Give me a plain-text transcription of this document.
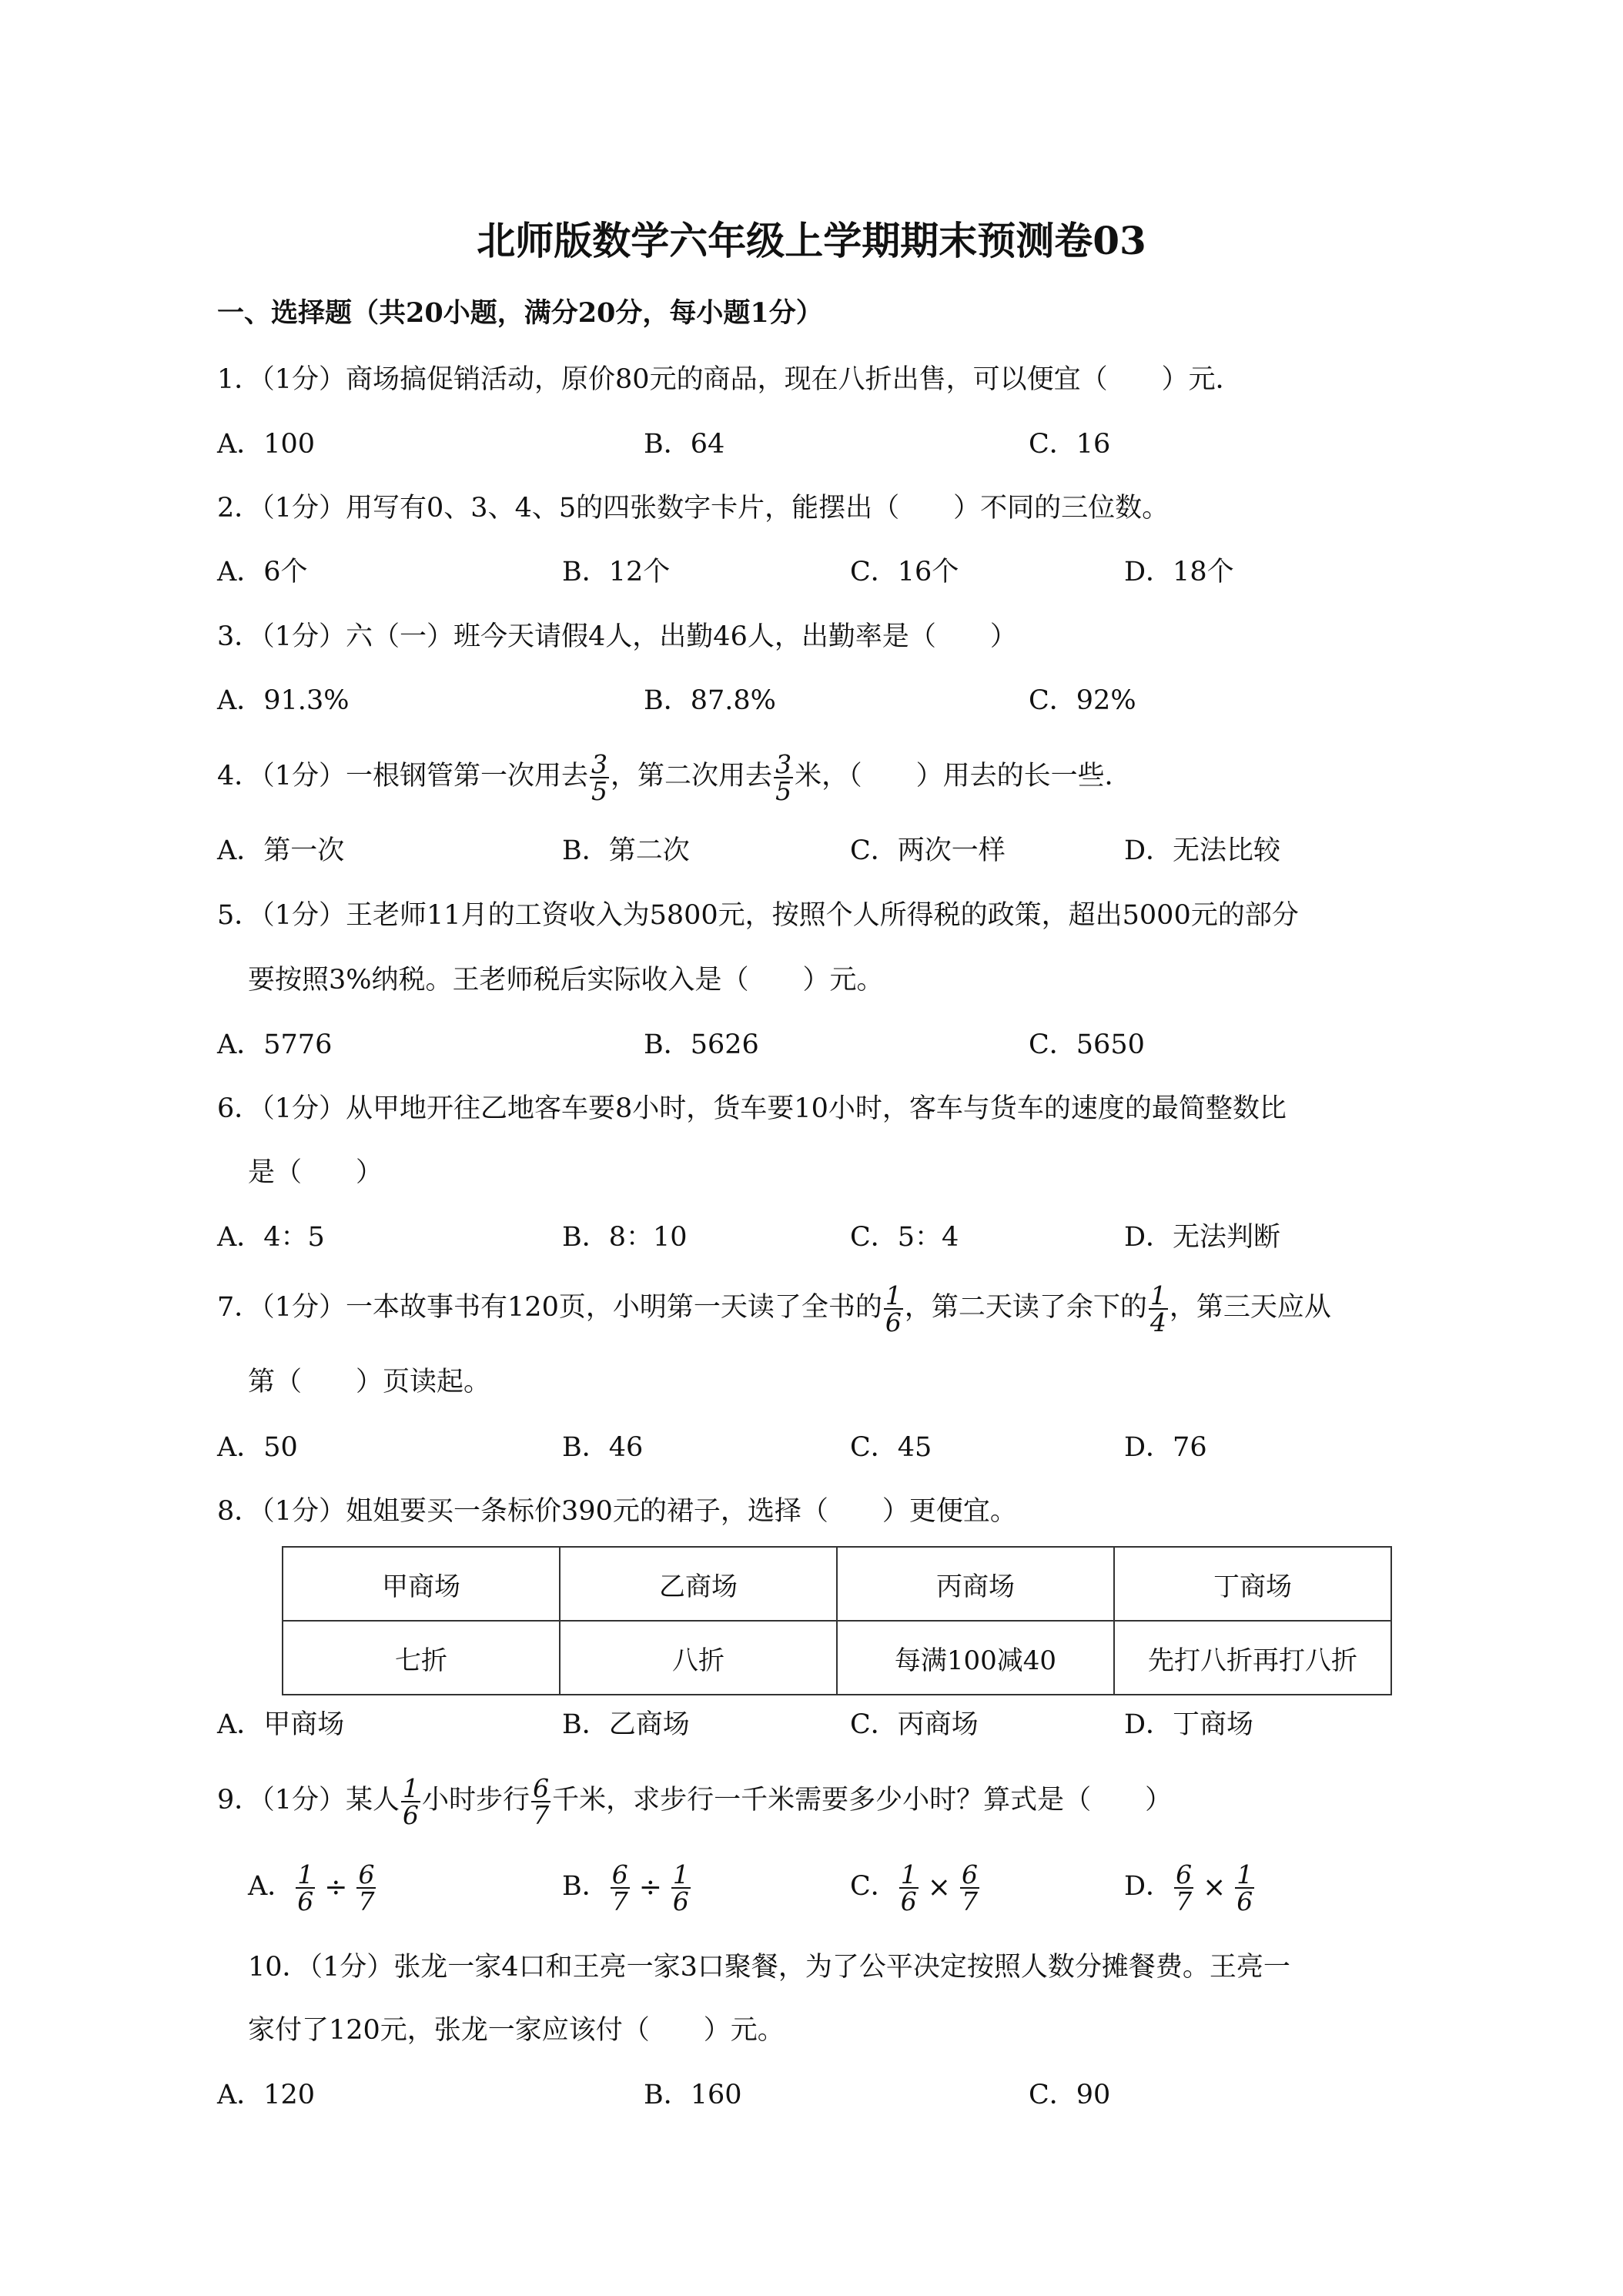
北师版数学六年级上学期期末预测卷03
一、选择题（共20小题，满分20分，每小题1分）
1．（1分）商场搞促销活动，原价80元的商品，现在八折出售，可以便宜（　　）元．
A．100	B．64	C．16
2．（1分）用写有0、3、4、5的四张数字卡片，能摆出（　　）不同的三位数。
A．6个	B．12个	C．16个	D．18个
3．（1分）六（一）班今天请假4人，出勤46人，出勤率是（　　）
A．91.3%	B．87.8%	C．92%
4．（1分）一根钢管第一次用去 $\frac{3}{5}$ ，第二次用去 $\frac{3}{5}$ 米，（　　）用去的长一些．
A．第一次	B．第二次	C．两次一样	D．无法比较
5．（1分）王老师11月的工资收入为5800元，按照个人所得税的政策，超出5000元的部分
要按照3%纳税。王老师税后实际收入是（　　）元。
A．5776	B．5626	C．5650
6．（1分）从甲地开往乙地客车要8小时，货车要10小时，客车与货车的速度的最简整数比
是（　　）
A．4：5	B．8：10	C．5：4	D．无法判断
7．（1分）一本故事书有120页，小明第一天读了全书的 $\frac{1}{6}$ ，第二天读了余下的 $\frac{1}{4}$ ，第三天应从
第（　　）页读起。
A．50	B．46	C．45	D．76
8．（1分）姐姐要买一条标价390元的裙子，选择（　　）更便宜。
甲商场	乙商场	丙商场	丁商场
七折	八折	每满100减40	先打八折再打八折
A．甲商场	B．乙商场	C．丙商场	D．丁商场
9．（1分）某人 $\frac{1}{6}$ 小时步行 $\frac{6}{7}$ 千米，求步行一千米需要多少小时？算式是（　　）
A． $\frac{1}{6} \div \frac{6}{7}$	B． $\frac{6}{7} \div \frac{1}{6}$	C． $\frac{1}{6} \times \frac{6}{7}$	D． $\frac{6}{7} \times \frac{1}{6}$
10．（1分）张龙一家4口和王亮一家3口聚餐，为了公平决定按照人数分摊餐费。王亮一
家付了120元，张龙一家应该付（　　）元。
A．120	B．160	C．90
